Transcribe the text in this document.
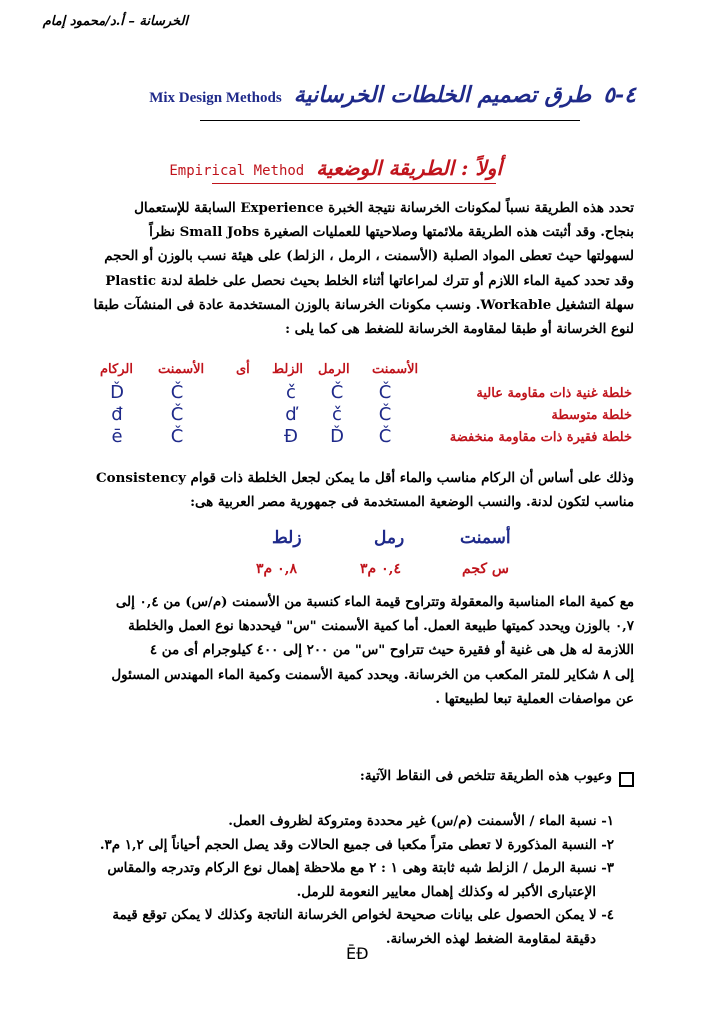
الخرسانة – أ.د/محمود إمام
Mix Design Methods طرق تصميم الخلطات الخرسانية ٤-٥
Empirical Method أولاً : الطريقة الوضعية
تحدد هذه الطريقة نسباً لمكونات الخرسانة نتيجة الخبرة Experience السابقة للإستعمال
بنجاح. وقد أثبتت هذه الطريقة ملائمتها وصلاحيتها للعمليات الصغيرة Small Jobs نظراً
لسهولتها حيث تعطى المواد الصلبة (الأسمنت ، الرمل ، الزلط) على هيئة نسب بالوزن أو الحجم
وقد تحدد كمية الماء اللازم أو تترك لمراعاتها أثناء الخلط بحيث نحصل على خلطة لدنة Plastic
سهلة التشغيل Workable. ونسب مكونات الخرسانة بالوزن المستخدمة عادة فى المنشآت طبقا
لنوع الخرسانة أو طبقا لمقاومة الخرسانة للضغط هى كما يلى :
الأسمنت
الرمل
الزلط
أى
الأسمنت
الركام
خلطة غنية ذات مقاومة عالية
Č
Č
č
Č
Ď
خلطة متوسطة
Č
č
ď
Č
đ
خلطة فقيرة ذات مقاومة منخفضة
Č
Ď
Đ
Č
ē
وذلك على أساس أن الركام مناسب والماء أقل ما يمكن لجعل الخلطة ذات قوام Consistency
مناسب لتكون لدنة. والنسب الوضعية المستخدمة فى جمهورية مصر العربية هى:
أسمنت
رمل
زلط
س كجم
٠,٤ م٣
٠,٨ م٣
مع كمية الماء المناسبة والمعقولة وتتراوح قيمة الماء كنسبة من الأسمنت (م/س) من ٠,٤ إلى
٠,٧ بالوزن ويحدد كميتها طبيعة العمل. أما كمية الأسمنت "س" فيحددها نوع العمل والخلطة
اللازمة له هل هى غنية أو فقيرة حيث تتراوح "س" من ٢٠٠ إلى ٤٠٠ كيلوجرام أى من ٤
إلى ٨ شكاير للمتر المكعب من الخرسانة. ويحدد كمية الأسمنت وكمية الماء المهندس المسئول
عن مواصفات العملية تبعا لطبيعتها .
وعيوب هذه الطريقة تتلخص فى النقاط الآتية:
١- نسبة الماء / الأسمنت (م/س) غير محددة ومتروكة لظروف العمل.
٢- النسبة المذكورة لا تعطى متراً مكعبا فى جميع الحالات وقد يصل الحجم أحياناً إلى ١,٢ م٣.
٣- نسبة الرمل / الزلط شبه ثابتة وهى ١ : ٢ مع ملاحظة إهمال نوع الركام وتدرجه والمقاس
الإعتبارى الأكبر له وكذلك إهمال معايير النعومة للرمل.
٤- لا يمكن الحصول على بيانات صحيحة لخواص الخرسانة الناتجة وكذلك لا يمكن توقع قيمة
دقيقة لمقاومة الضغط لهذه الخرسانة.
ĒĐ
